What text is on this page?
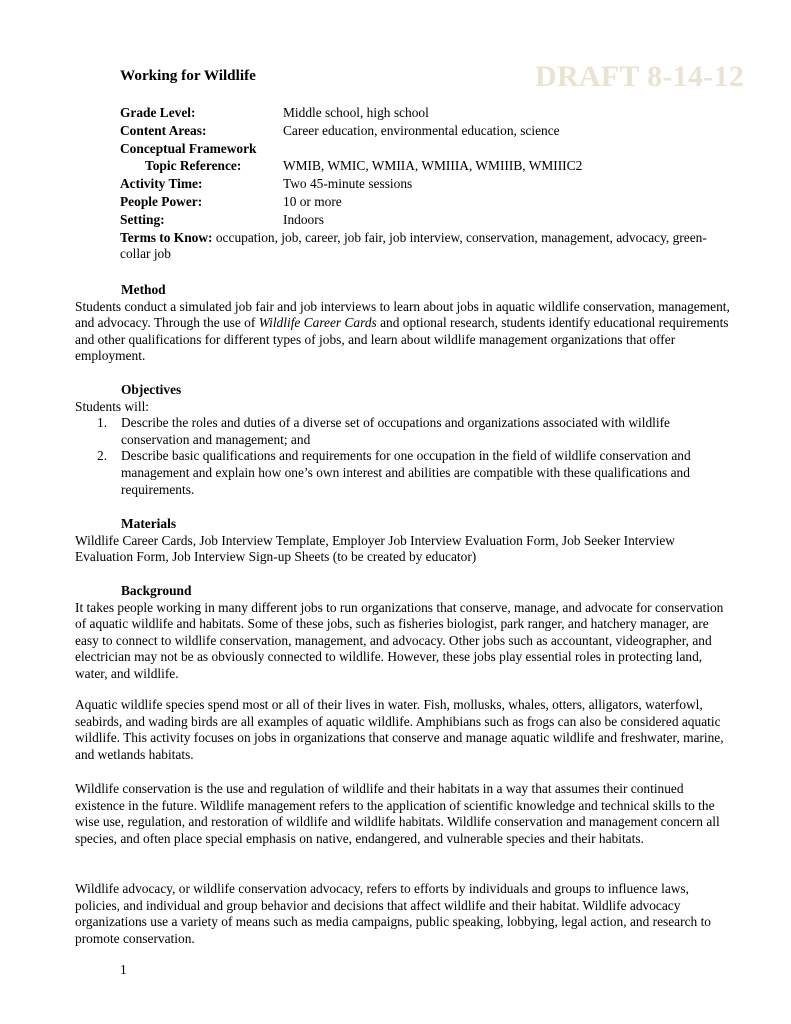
Working for Wildlife	DRAFT 8-14-12
Grade Level:	Middle school, high school
Content Areas:	Career education, environmental education, science
Conceptual Framework
Topic Reference:	WMIB, WMIC, WMIIA, WMIIIA, WMIIIB, WMIIIC2
Activity Time:	Two 45-minute sessions
People Power:	10 or more
Setting:	Indoors
Terms to Know: occupation, job, career, job fair, job interview, conservation, management, advocacy, green-collar job
Method

Students conduct a simulated job fair and job interviews to learn about jobs in aquatic wildlife conservation, management, and advocacy. Through the use of Wildlife Career Cards and optional research, students identify educational requirements and other qualifications for different types of jobs, and learn about wildlife management organizations that offer employment.

Objectives

Students will:

1.	Describe the roles and duties of a diverse set of occupations and organizations associated with wildlife conservation and management; and
2.	Describe basic qualifications and requirements for one occupation in the field of wildlife conservation and management and explain how one’s own interest and abilities are compatible with these qualifications and requirements.
Materials

Wildlife Career Cards, Job Interview Template, Employer Job Interview Evaluation Form, Job Seeker Interview Evaluation Form, Job Interview Sign-up Sheets (to be created by educator)

Background

It takes people working in many different jobs to run organizations that conserve, manage, and advocate for conservation of aquatic wildlife and habitats. Some of these jobs, such as fisheries biologist, park ranger, and hatchery manager, are easy to connect to wildlife conservation, management, and advocacy. Other jobs such as accountant, videographer, and electrician may not be as obviously connected to wildlife. However, these jobs play essential roles in protecting land, water, and wildlife.

Aquatic wildlife species spend most or all of their lives in water. Fish, mollusks, whales, otters, alligators, waterfowl, seabirds, and wading birds are all examples of aquatic wildlife. Amphibians such as frogs can also be considered aquatic wildlife. This activity focuses on jobs in organizations that conserve and manage aquatic wildlife and freshwater, marine, and wetlands habitats.

Wildlife conservation is the use and regulation of wildlife and their habitats in a way that assumes their continued existence in the future. Wildlife management refers to the application of scientific knowledge and technical skills to the wise use, regulation, and restoration of wildlife and wildlife habitats. Wildlife conservation and management concern all species, and often place special emphasis on native, endangered, and vulnerable species and their habitats.

Wildlife advocacy, or wildlife conservation advocacy, refers to efforts by individuals and groups to influence laws, policies, and individual and group behavior and decisions that affect wildlife and their habitat. Wildlife advocacy organizations use a variety of means such as media campaigns, public speaking, lobbying, legal action, and research to promote conservation.

1
